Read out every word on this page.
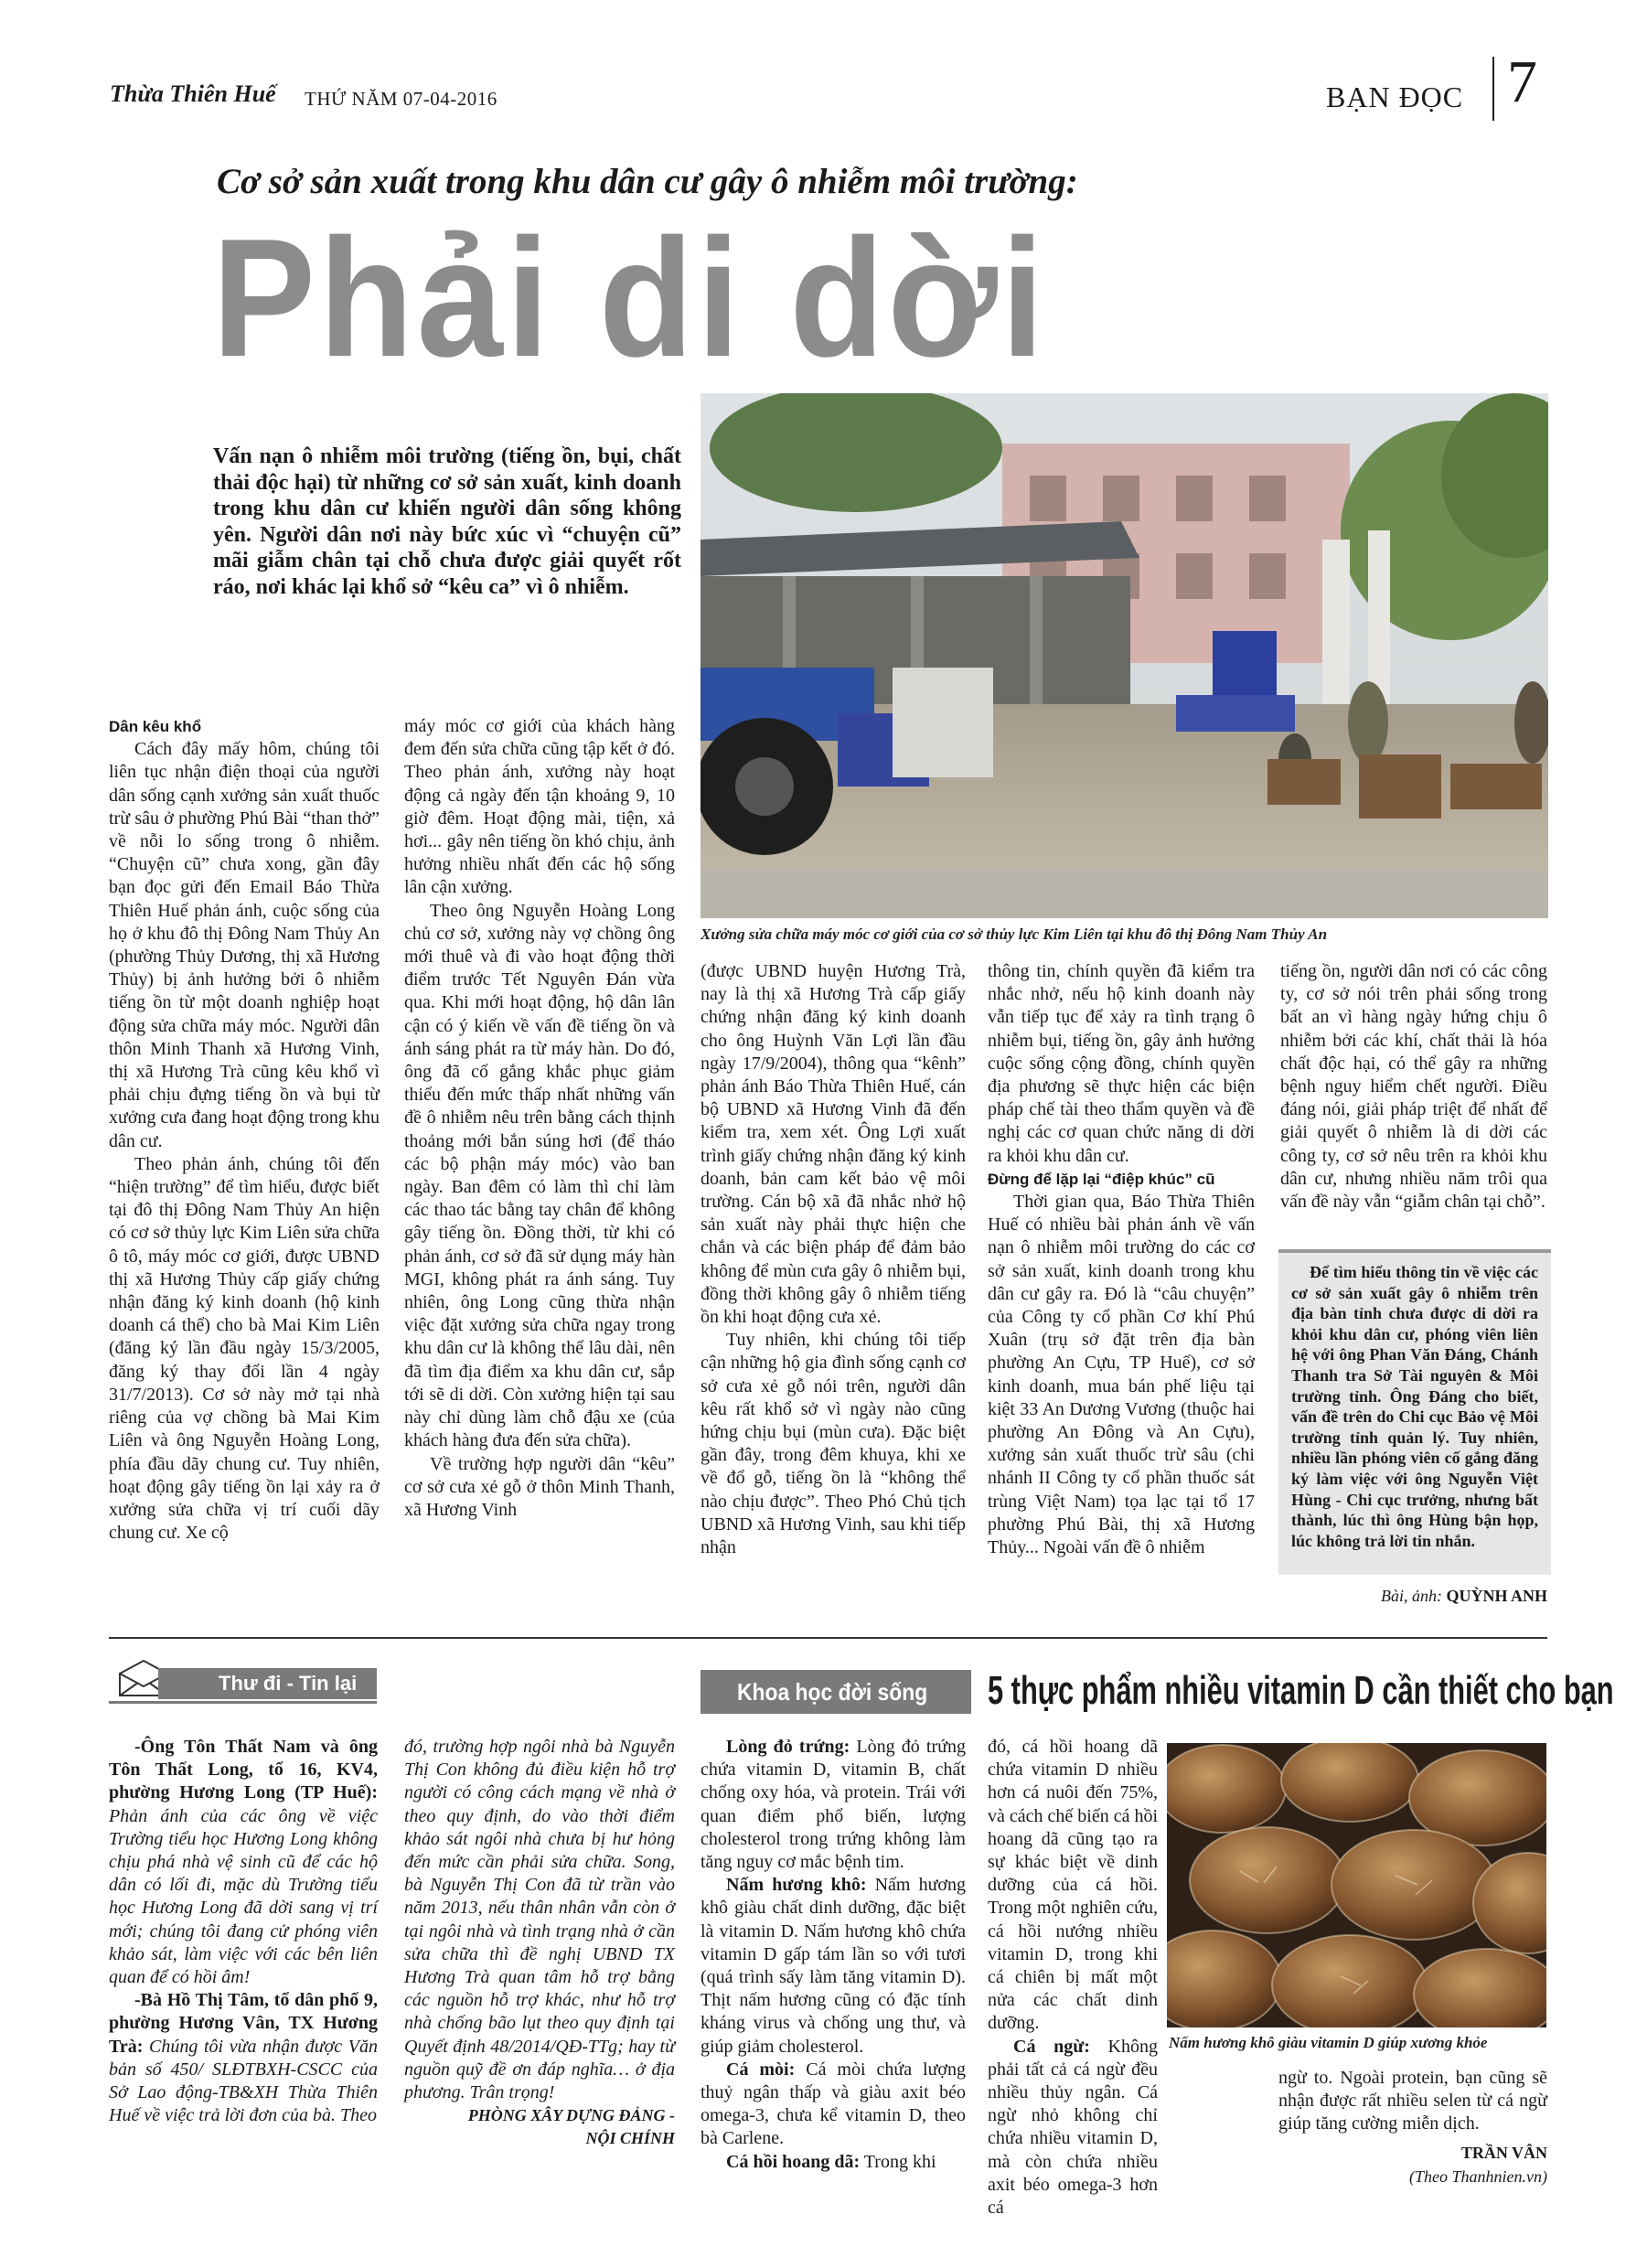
Thừa Thiên Huế THỨ NĂM 07-04-2016	BẠN ĐỌC 7
Cơ sở sản xuất trong khu dân cư gây ô nhiễm môi trường:
Phải di dời
Vấn nạn ô nhiễm môi trường (tiếng ồn, bụi, chất thải độc hại) từ những cơ sở sản xuất, kinh doanh trong khu dân cư khiến người dân sống không yên. Người dân nơi này bức xúc vì “chuyện cũ” mãi giẫm chân tại chỗ chưa được giải quyết rốt ráo, nơi khác lại khổ sở “kêu ca” vì ô nhiễm.
Xưởng sửa chữa máy móc cơ giới của cơ sở thủy lực Kim Liên tại khu đô thị Đông Nam Thủy An

Dân kêu khổ

Cách đây mấy hôm, chúng tôi liên tục nhận điện thoại của người dân sống cạnh xưởng sản xuất thuốc trừ sâu ở phường Phú Bài “than thở” về nỗi lo sống trong ô nhiễm. “Chuyện cũ” chưa xong, gần đây bạn đọc gửi đến Email Báo Thừa Thiên Huế phản ánh, cuộc sống của họ ở khu đô thị Đông Nam Thủy An (phường Thủy Dương, thị xã Hương Thủy) bị ảnh hưởng bởi ô nhiễm tiếng ồn từ một doanh nghiệp hoạt động sửa chữa máy móc. Người dân thôn Minh Thanh xã Hương Vinh, thị xã Hương Trà cũng kêu khổ vì phải chịu đựng tiếng ồn và bụi từ xưởng cưa đang hoạt động trong khu dân cư.

Theo phản ánh, chúng tôi đến “hiện trường” để tìm hiểu, được biết tại đô thị Đông Nam Thủy An hiện có cơ sở thủy lực Kim Liên sửa chữa ô tô, máy móc cơ giới, được UBND thị xã Hương Thủy cấp giấy chứng nhận đăng ký kinh doanh (hộ kinh doanh cá thể) cho bà Mai Kim Liên (đăng ký lần đầu ngày 15/3/2005, đăng ký thay đổi lần 4 ngày 31/7/2013). Cơ sở này mở tại nhà riêng của vợ chồng bà Mai Kim Liên và ông Nguyễn Hoàng Long, phía đầu dãy chung cư. Tuy nhiên, hoạt động gây tiếng ồn lại xảy ra ở xưởng sửa chữa vị trí cuối dãy chung cư. Xe cộ

máy móc cơ giới của khách hàng đem đến sửa chữa cũng tập kết ở đó. Theo phản ánh, xưởng này hoạt động cả ngày đến tận khoảng 9, 10 giờ đêm. Hoạt động mài, tiện, xả hơi... gây nên tiếng ồn khó chịu, ảnh hưởng nhiều nhất đến các hộ sống lân cận xưởng.

Theo ông Nguyễn Hoàng Long chủ cơ sở, xưởng này vợ chồng ông mới thuê và đi vào hoạt động thời điểm trước Tết Nguyên Đán vừa qua. Khi mới hoạt động, hộ dân lân cận có ý kiến về vấn đề tiếng ồn và ánh sáng phát ra từ máy hàn. Do đó, ông đã cố gắng khắc phục giảm thiểu đến mức thấp nhất những vấn đề ô nhiễm nêu trên bằng cách thịnh thoảng mới bắn súng hơi (để tháo các bộ phận máy móc) vào ban ngày. Ban đêm có làm thì chỉ làm các thao tác bằng tay chân để không gây tiếng ồn. Đồng thời, từ khi có phản ánh, cơ sở đã sử dụng máy hàn MGI, không phát ra ánh sáng. Tuy nhiên, ông Long cũng thừa nhận việc đặt xưởng sửa chữa ngay trong khu dân cư là không thể lâu dài, nên đã tìm địa điểm xa khu dân cư, sắp tới sẽ di dời. Còn xưởng hiện tại sau này chỉ dùng làm chỗ đậu xe (của khách hàng đưa đến sửa chữa).

Về trường hợp người dân “kêu” cơ sở cưa xẻ gỗ ở thôn Minh Thanh, xã Hương Vinh

(được UBND huyện Hương Trà, nay là thị xã Hương Trà cấp giấy chứng nhận đăng ký kinh doanh cho ông Huỳnh Văn Lợi lần đầu ngày 17/9/2004), thông qua “kênh” phản ánh Báo Thừa Thiên Huế, cán bộ UBND xã Hương Vinh đã đến kiểm tra, xem xét. Ông Lợi xuất trình giấy chứng nhận đăng ký kinh doanh, bản cam kết bảo vệ môi trường. Cán bộ xã đã nhắc nhở hộ sản xuất này phải thực hiện che chắn và các biện pháp để đảm bảo không để mùn cưa gây ô nhiễm bụi, đồng thời không gây ô nhiễm tiếng ồn khi hoạt động cưa xẻ.

Tuy nhiên, khi chúng tôi tiếp cận những hộ gia đình sống cạnh cơ sở cưa xẻ gỗ nói trên, người dân kêu rất khổ sở vì ngày nào cũng hứng chịu bụi (mùn cưa). Đặc biệt gần đây, trong đêm khuya, khi xe về đổ gỗ, tiếng ồn là “không thể nào chịu được”. Theo Phó Chủ tịch UBND xã Hương Vinh, sau khi tiếp nhận

thông tin, chính quyền đã kiểm tra nhắc nhở, nếu hộ kinh doanh này vẫn tiếp tục để xảy ra tình trạng ô nhiễm bụi, tiếng ồn, gây ảnh hưởng cuộc sống cộng đồng, chính quyền địa phương sẽ thực hiện các biện pháp chế tài theo thẩm quyền và đề nghị các cơ quan chức năng di dời ra khỏi khu dân cư.

Đừng để lặp lại “điệp khúc” cũ

Thời gian qua, Báo Thừa Thiên Huế có nhiều bài phản ánh về vấn nạn ô nhiễm môi trường do các cơ sở sản xuất, kinh doanh trong khu dân cư gây ra. Đó là “câu chuyện” của Công ty cổ phần Cơ khí Phú Xuân (trụ sở đặt trên địa bàn phường An Cựu, TP Huế), cơ sở kinh doanh, mua bán phế liệu tại kiệt 33 An Dương Vương (thuộc hai phường An Đông và An Cựu), xưởng sản xuất thuốc trừ sâu (chi nhánh II Công ty cổ phần thuốc sát trùng Việt Nam) tọa lạc tại tổ 17 phường Phú Bài, thị xã Hương Thủy... Ngoài vấn đề ô nhiễm

tiếng ồn, người dân nơi có các công ty, cơ sở nói trên phải sống trong bất an vì hàng ngày hứng chịu ô nhiễm bởi các khí, chất thải là hóa chất độc hại, có thể gây ra những bệnh nguy hiểm chết người. Điều đáng nói, giải pháp triệt để nhất để giải quyết ô nhiễm là di dời các công ty, cơ sở nêu trên ra khỏi khu dân cư, nhưng nhiều năm trôi qua vấn đề này vẫn “giẫm chân tại chỗ”.

Để tìm hiểu thông tin về việc các cơ sở sản xuất gây ô nhiễm trên địa bàn tỉnh chưa được di dời ra khỏi khu dân cư, phóng viên liên hệ với ông Phan Văn Đáng, Chánh Thanh tra Sở Tài nguyên & Môi trường tỉnh. Ông Đáng cho biết, vấn đề trên do Chi cục Bảo vệ Môi trường tỉnh quản lý. Tuy nhiên, nhiều lần phóng viên cố gắng đăng ký làm việc với ông Nguyễn Việt Hùng - Chi cục trưởng, nhưng bất thành, lúc thì ông Hùng bận họp, lúc không trả lời tin nhắn.
Bài, ảnh: QUỲNH ANH
Thư đi - Tin lại

-Ông Tôn Thất Nam và ông Tôn Thất Long, tổ 16, KV4, phường Hương Long (TP Huế): Phản ánh của các ông về việc Trường tiểu học Hương Long không chịu phá nhà vệ sinh cũ để các hộ dân có lối đi, mặc dù Trường tiểu học Hương Long đã dời sang vị trí mới; chúng tôi đang cử phóng viên khảo sát, làm việc với các bên liên quan để có hồi âm!

-Bà Hồ Thị Tâm, tổ dân phố 9, phường Hương Vân, TX Hương Trà: Chúng tôi vừa nhận được Văn bản số 450/ SLĐTBXH-CSCC của Sở Lao động-TB&XH Thừa Thiên Huế về việc trả lời đơn của bà. Theo

đó, trường hợp ngôi nhà bà Nguyễn Thị Con không đủ điều kiện hỗ trợ người có công cách mạng về nhà ở theo quy định, do vào thời điểm khảo sát ngôi nhà chưa bị hư hỏng đến mức cần phải sửa chữa. Song, bà Nguyễn Thị Con đã từ trần vào năm 2013, nếu thân nhân vẫn còn ở tại ngôi nhà và tình trạng nhà ở cần sửa chữa thì đề nghị UBND TX Hương Trà quan tâm hỗ trợ bằng các nguồn hỗ trợ khác, như hỗ trợ nhà chống bão lụt theo quy định tại Quyết định 48/2014/QĐ-TTg; hay từ nguồn quỹ đề ơn đáp nghĩa… ở địa phương. Trân trọng!

PHÒNG XÂY DỰNG ĐẢNG - NỘI CHÍNH

Khoa học đời sống 5 thực phẩm nhiều vitamin D cần thiết cho bạn

Lòng đỏ trứng: Lòng đỏ trứng chứa vitamin D, vitamin B, chất chống oxy hóa, và protein. Trái với quan điểm phổ biến, lượng cholesterol trong trứng không làm tăng nguy cơ mắc bệnh tim.

Nấm hương khô: Nấm hương khô giàu chất dinh dưỡng, đặc biệt là vitamin D. Nấm hương khô chứa vitamin D gấp tám lần so với tươi (quá trình sấy làm tăng vitamin D). Thịt nấm hương cũng có đặc tính kháng virus và chống ung thư, và giúp giảm cholesterol.

Cá mòi: Cá mòi chứa lượng thuỷ ngân thấp và giàu axit béo omega-3, chưa kể vitamin D, theo bà Carlene.

Cá hồi hoang dã: Trong khi

đó, cá hồi hoang dã chứa vitamin D nhiều hơn cá nuôi đến 75%, và cách chế biến cá hồi hoang dã cũng tạo ra sự khác biệt về dinh dưỡng của cá hồi. Trong một nghiên cứu, cá hồi nướng nhiều vitamin D, trong khi cá chiên bị mất một nửa các chất dinh dưỡng.

Cá ngừ: Không phải tất cả cá ngừ đều nhiều thủy ngân. Cá ngừ nhỏ không chỉ chứa nhiều vitamin D, mà còn chứa nhiều axit béo omega-3 hơn cá

Nấm hương khô giàu vitamin D giúp xương khỏe

ngừ to. Ngoài protein, bạn cũng sẽ nhận được rất nhiều selen từ cá ngừ giúp tăng cường miễn dịch.

TRẦN VÂN
(Theo Thanhnien.vn)
